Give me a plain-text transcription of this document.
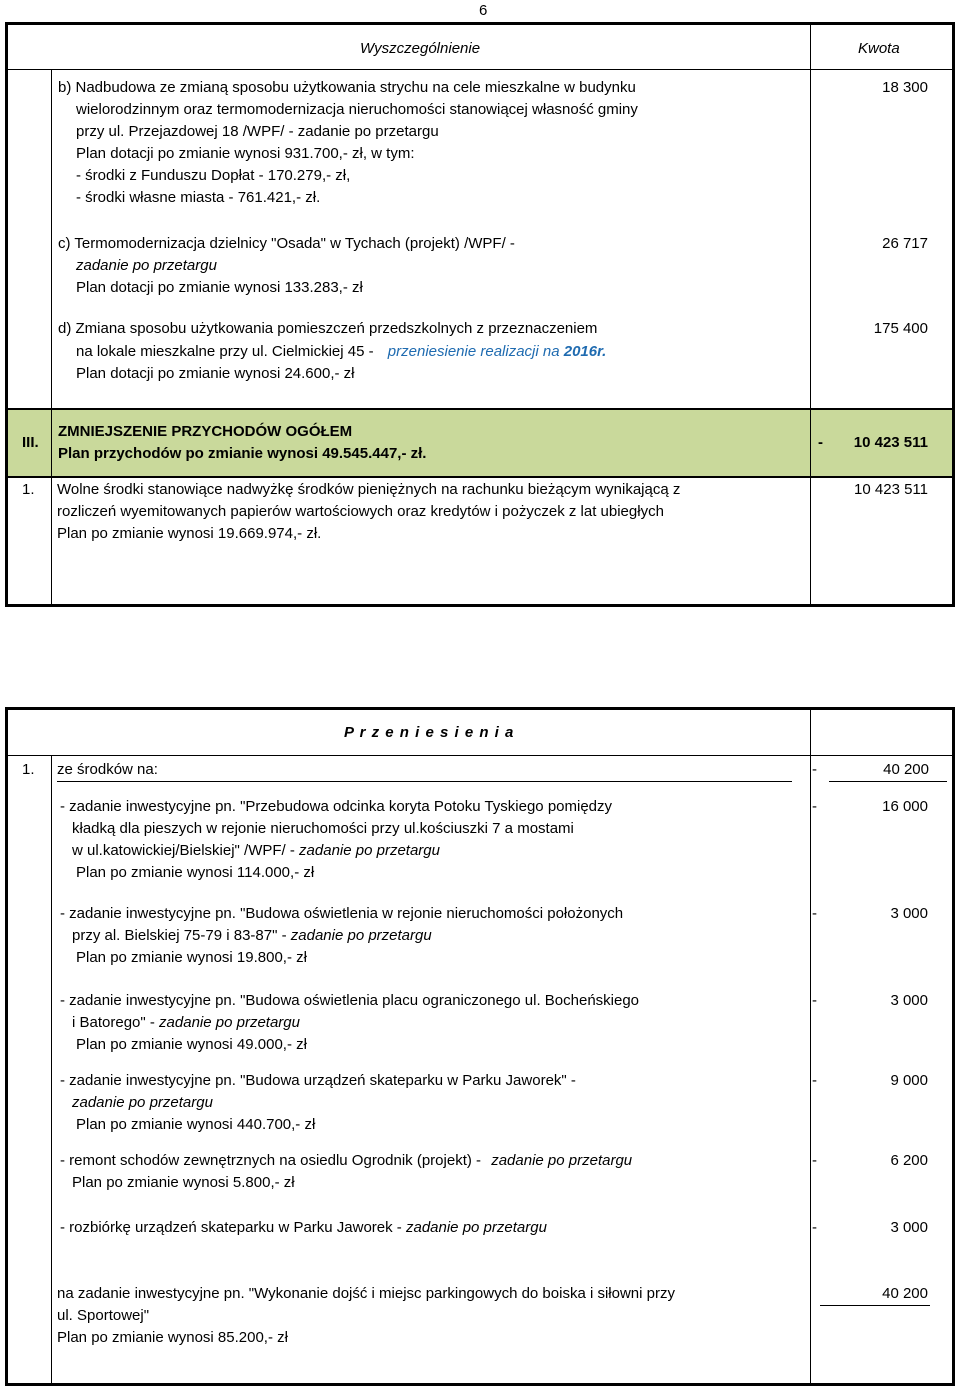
6
Wyszczególnienie	Kwota
b) Nadbudowa ze zmianą sposobu użytkowania strychu na cele mieszkalne w budynku
wielorodzinnym oraz termomodernizacja nieruchomości stanowiącej własność gminy
przy ul. Przejazdowej 18 /WPF/ - zadanie po przetargu
Plan dotacji po zmianie wynosi 931.700,- zł, w tym:
- środki z Funduszu Dopłat - 170.279,- zł,
- środki własne miasta - 761.421,- zł.
18 300
c) Termomodernizacja dzielnicy "Osada" w Tychach (projekt) /WPF/ -
zadanie po przetargu
Plan dotacji po zmianie wynosi 133.283,- zł
26 717
d) Zmiana sposobu użytkowania pomieszczeń przedszkolnych z przeznaczeniem
na lokale mieszkalne przy ul. Cielmickiej 45 - przeniesienie realizacji na 2016r.
Plan dotacji po zmianie wynosi 24.600,- zł
175 400
III.
ZMNIEJSZENIE PRZYCHODÓW OGÓŁEM
Plan przychodów po zmianie wynosi 49.545.447,- zł.
- 10 423 511
1. Wolne środki stanowiące nadwyżkę środków pieniężnych na rachunku bieżącym wynikającą z
rozliczeń wyemitowanych papierów wartościowych oraz kredytów i pożyczek z lat ubiegłych
Plan po zmianie wynosi 19.669.974,- zł.
10 423 511
P r z e n i e s i e n i a
1. ze środków na:	-	40 200
- zadanie inwestycyjne pn. "Przebudowa odcinka koryta Potoku Tyskiego pomiędzy
kładką dla pieszych w rejonie nieruchomości przy ul.kościuszki 7 a mostami
w ul.katowickiej/Bielskiej" /WPF/ - zadanie po przetargu
Plan po zmianie wynosi 114.000,- zł
-	16 000
- zadanie inwestycyjne pn. "Budowa oświetlenia w rejonie nieruchomości położonych
przy al. Bielskiej 75-79 i 83-87" - zadanie po przetargu
Plan po zmianie wynosi 19.800,- zł
-	3 000
- zadanie inwestycyjne pn. "Budowa oświetlenia placu ograniczonego ul. Bocheńskiego
i Batorego" - zadanie po przetargu
Plan po zmianie wynosi 49.000,- zł
-	3 000
- zadanie inwestycyjne pn. "Budowa urządzeń skateparku w Parku Jaworek" -
zadanie po przetargu
Plan po zmianie wynosi 440.700,- zł
-	9 000
- remont schodów zewnętrznych na osiedlu Ogrodnik (projekt) - zadanie po przetargu
Plan po zmianie wynosi 5.800,- zł
-	6 200
- rozbiórkę urządzeń skateparku w Parku Jaworek - zadanie po przetargu	-	3 000
na zadanie inwestycyjne pn. "Wykonanie dojść i miejsc parkingowych do boiska i siłowni przy
ul. Sportowej"
Plan po zmianie wynosi 85.200,- zł
40 200
